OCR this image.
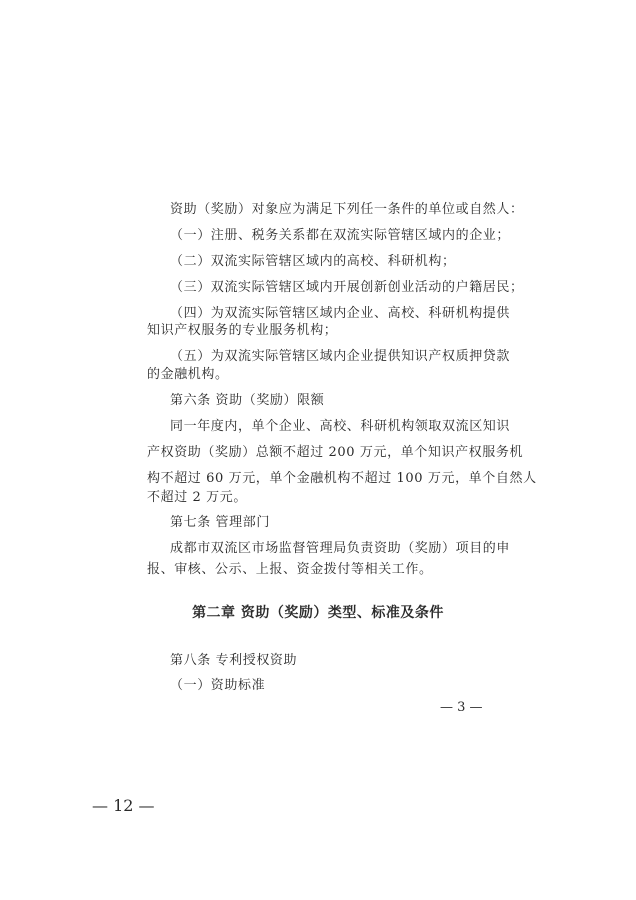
资助（奖励）对象应为满足下列任一条件的单位或自然人：
（一）注册、税务关系都在双流实际管辖区域内的企业；
（二）双流实际管辖区域内的高校、科研机构；
（三）双流实际管辖区域内开展创新创业活动的户籍居民；
（四）为双流实际管辖区域内企业、高校、科研机构提供
知识产权服务的专业服务机构；
（五）为双流实际管辖区域内企业提供知识产权质押贷款
的金融机构。
第六条 资助（奖励）限额
同一年度内，单个企业、高校、科研机构领取双流区知识
产权资助（奖励）总额不超过 200 万元，单个知识产权服务机
构不超过 60 万元，单个金融机构不超过 100 万元，单个自然人
不超过 2 万元。
第七条 管理部门
成都市双流区市场监督管理局负责资助（奖励）项目的申
报、审核、公示、上报、资金拨付等相关工作。
第二章 资助（奖励）类型、标准及条件
第八条 专利授权资助
（一）资助标准
— 3 —
— 12 —
